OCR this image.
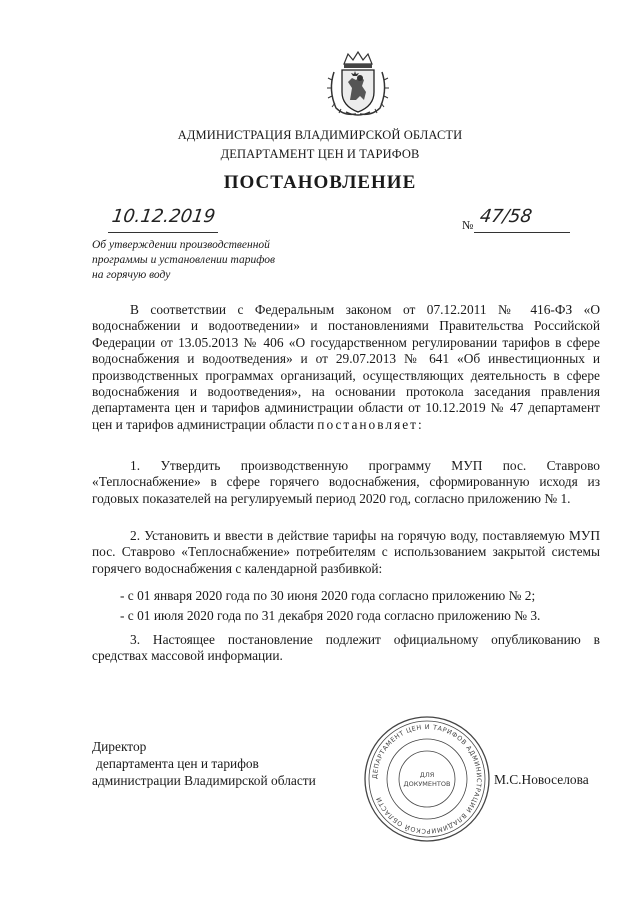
АДМИНИСТРАЦИЯ ВЛАДИМИРСКОЙ ОБЛАСТИ
ДЕПАРТАМЕНТ ЦЕН И ТАРИФОВ
ПОСТАНОВЛЕНИЕ
10.12.2019	№ 47/58
Об утверждении производственной
программы и установлении тарифов
на горячую воду
В соответствии с Федеральным законом от 07.12.2011 № 416-ФЗ «О водоснабжении и водоотведении» и постановлениями Правительства Российской Федерации от 13.05.2013 № 406 «О государственном регулировании тарифов в сфере водоснабжения и водоотведения» и от 29.07.2013 № 641 «Об инвестиционных и производственных программах организаций, осуществляющих деятельность в сфере водоснабжения и водоотведения», на основании протокола заседания правления департамента цен и тарифов администрации области от 10.12.2019 № 47 департамент цен и тарифов администрации области постановляет:
1. Утвердить производственную программу МУП пос. Ставрово «Теплоснабжение» в сфере горячего водоснабжения, сформированную исходя из годовых показателей на регулируемый период 2020 год, согласно приложению № 1.
2. Установить и ввести в действие тарифы на горячую воду, поставляемую МУП пос. Ставрово «Теплоснабжение» потребителям с использованием закрытой системы горячего водоснабжения с календарной разбивкой:
- с 01 января 2020 года по 30 июня 2020 года согласно приложению № 2;
- с 01 июля 2020 года по 31 декабря 2020 года согласно приложению № 3.
3. Настоящее постановление подлежит официальному опубликованию в средствах массовой информации.
Директор
департамента цен и тарифов
администрации Владимирской области	ДЕПАРТАМЕНТ ЦЕН И ТАРИФОВ АДМИНИСТРАЦИИ ВЛАДИМИРСКОЙ ОБЛАСТИ
ДЛЯ
ДОКУМЕНТОВ	М.С.Новоселова
